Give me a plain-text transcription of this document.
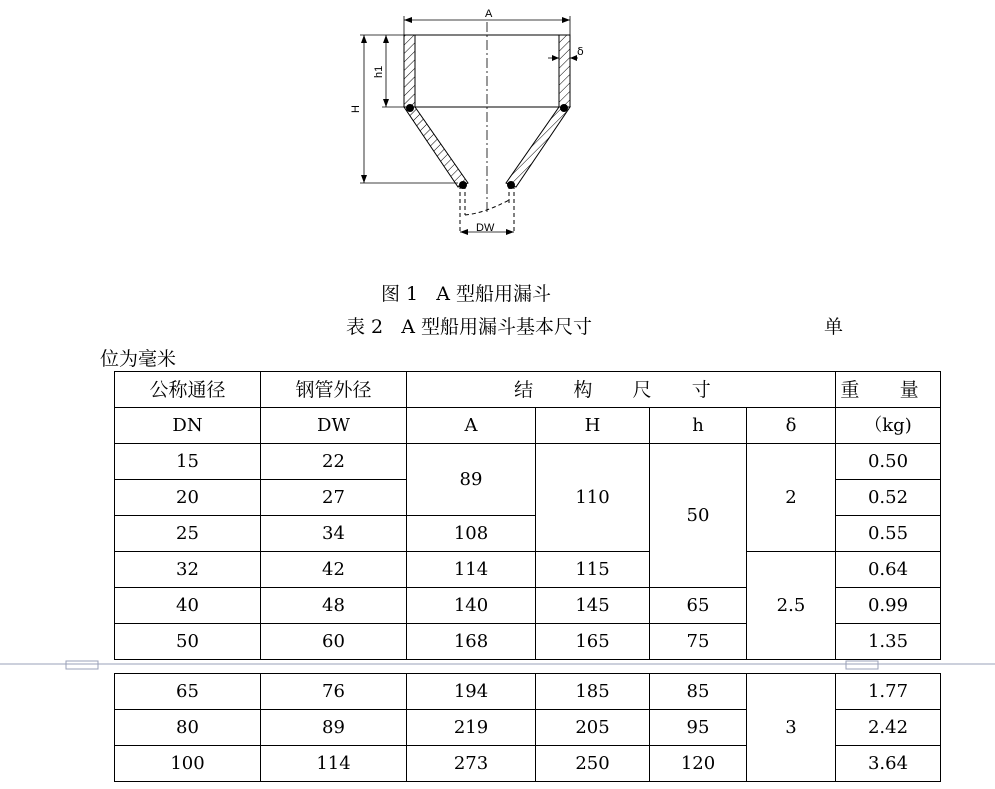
A
H
h1
δ
DW
图 1   A 型船用漏斗
表 2   A 型船用漏斗基本尺寸	单
位为毫米
公称通径	钢管外径	结 构 尺 寸				重 量
DN	DW	A	H	h	δ	（kg)
15	22	89	110	50	2	0.50
20	27					0.52
25	34	108				0.55
32	42	114	115		2.5	0.64
40	48	140	145	65		0.99
50	60	168	165	75		1.35
65	76	194	185	85	3	1.77
80	89	219	205	95		2.42
100	114	273	250	120		3.64
